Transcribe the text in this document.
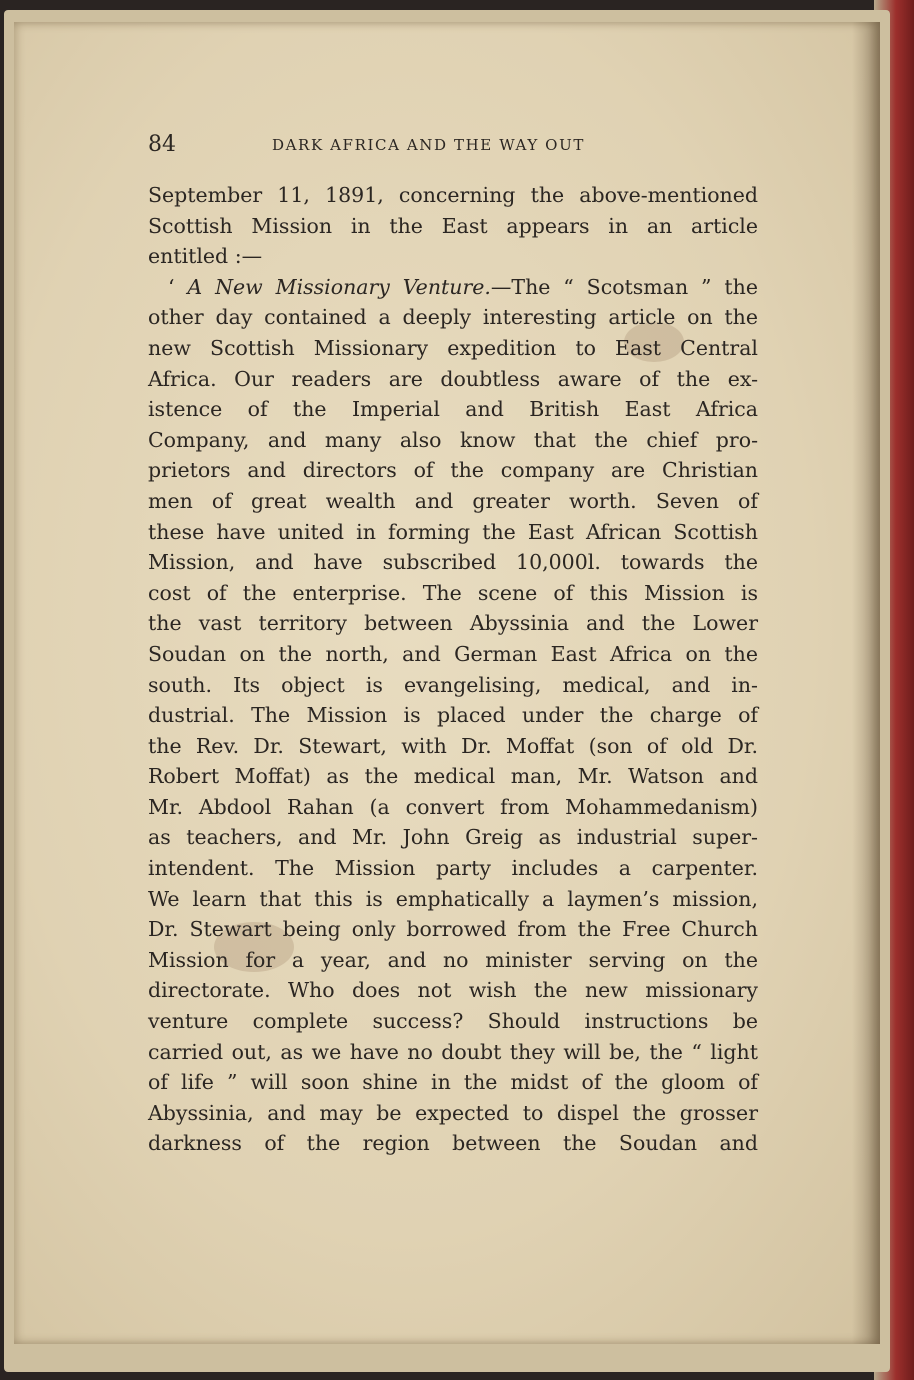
84	DARK AFRICA AND THE WAY OUT
September 11, 1891, concerning the above-mentioned
Scottish Mission in the East appears in an article
entitled :—
‘ A New Missionary Venture.—The “ Scotsman ” the
other day contained a deeply interesting article on the
new Scottish Missionary expedition to East Central
Africa. Our readers are doubtless aware of the ex-
istence of the Imperial and British East Africa
Company, and many also know that the chief pro-
prietors and directors of the company are Christian
men of great wealth and greater worth. Seven of
these have united in forming the East African Scottish
Mission, and have subscribed 10,000l. towards the
cost of the enterprise. The scene of this Mission is
the vast territory between Abyssinia and the Lower
Soudan on the north, and German East Africa on the
south. Its object is evangelising, medical, and in-
dustrial. The Mission is placed under the charge of
the Rev. Dr. Stewart, with Dr. Moffat (son of old Dr.
Robert Moffat) as the medical man, Mr. Watson and
Mr. Abdool Rahan (a convert from Mohammedanism)
as teachers, and Mr. John Greig as industrial super-
intendent. The Mission party includes a carpenter.
We learn that this is emphatically a laymen’s mission,
Dr. Stewart being only borrowed from the Free Church
Mission for a year, and no minister serving on the
directorate. Who does not wish the new missionary
venture complete success? Should instructions be
carried out, as we have no doubt they will be, the “ light
of life ” will soon shine in the midst of the gloom of
Abyssinia, and may be expected to dispel the grosser
darkness of the region between the Soudan and
